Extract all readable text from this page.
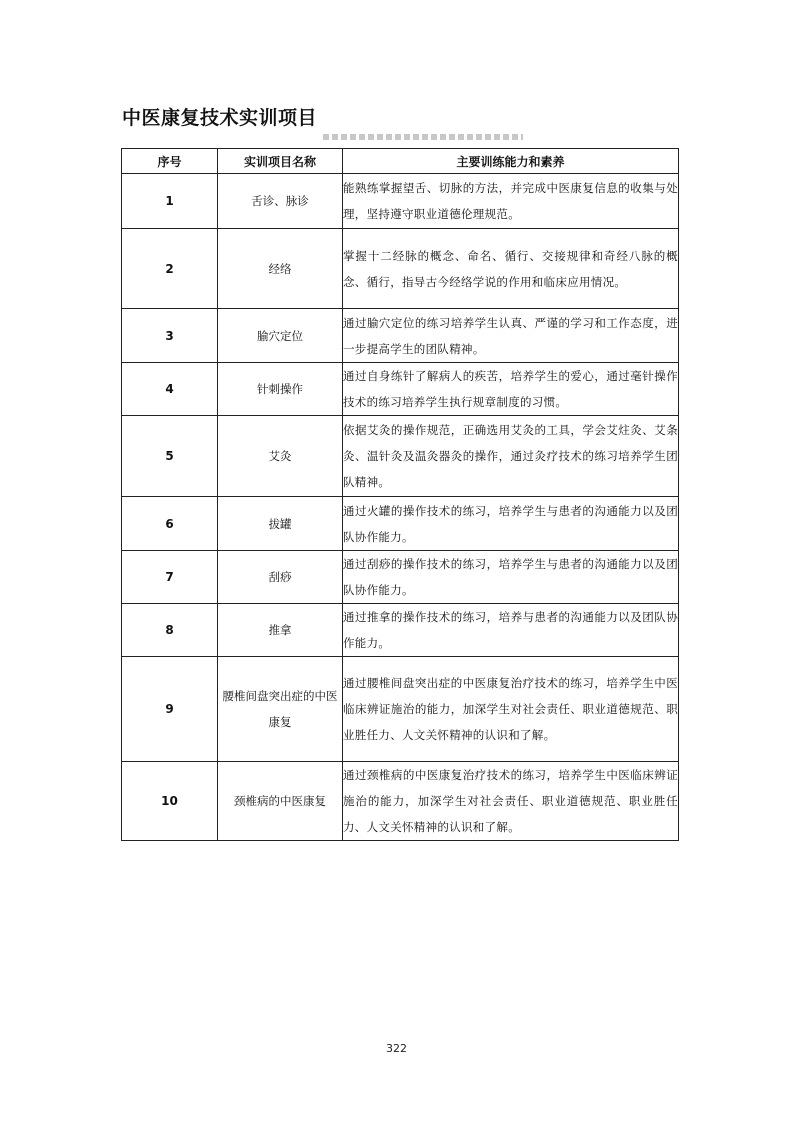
中医康复技术实训项目
序号	实训项目名称	主要训练能力和素养
1	舌诊、脉诊	能熟练掌握望舌、切脉的方法，并完成中医康复信息的收集与处理，坚持遵守职业道德伦理规范。
2	经络	掌握十二经脉的概念、命名、循行、交接规律和奇经八脉的概念、循行，指导古今经络学说的作用和临床应用情况。
3	腧穴定位	通过腧穴定位的练习培养学生认真、严谨的学习和工作态度，进一步提高学生的团队精神。
4	针刺操作	通过自身练针了解病人的疾苦，培养学生的爱心，通过毫针操作技术的练习培养学生执行规章制度的习惯。
5	艾灸	依据艾灸的操作规范，正确选用艾灸的工具，学会艾炷灸、艾条灸、温针灸及温灸器灸的操作，通过灸疗技术的练习培养学生团队精神。
6	拔罐	通过火罐的操作技术的练习，培养学生与患者的沟通能力以及团队协作能力。
7	刮痧	通过刮痧的操作技术的练习，培养学生与患者的沟通能力以及团队协作能力。
8	推拿	通过推拿的操作技术的练习，培养与患者的沟通能力以及团队协作能力。
9	腰椎间盘突出症的中医康复	通过腰椎间盘突出症的中医康复治疗技术的练习，培养学生中医临床辨证施治的能力，加深学生对社会责任、职业道德规范、职业胜任力、人文关怀精神的认识和了解。
10	颈椎病的中医康复	通过颈椎病的中医康复治疗技术的练习，培养学生中医临床辨证施治的能力，加深学生对社会责任、职业道德规范、职业胜任力、人文关怀精神的认识和了解。
322
